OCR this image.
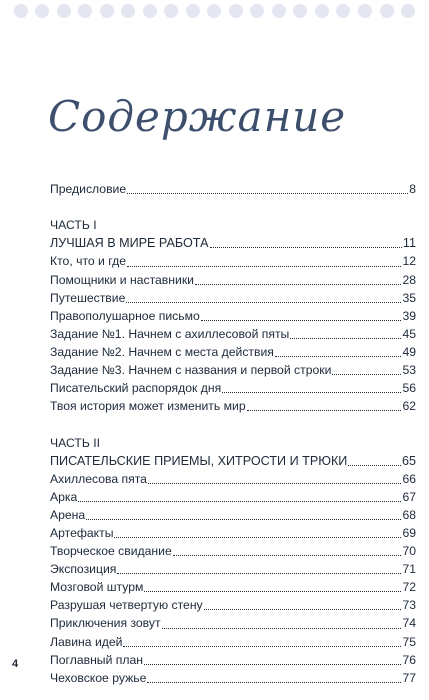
Содержание
Предисловие	8
ЧАСТЬ I
ЛУЧШАЯ В МИРЕ РАБОТА	11
Кто, что и где	12
Помощники и наставники	28
Путешествие	35
Правополушарное письмо	39
Задание №1. Начнем с ахиллесовой пяты	45
Задание №2. Начнем с места действия	49
Задание №3. Начнем с названия и первой строки	53
Писательский распорядок дня	56
Твоя история может изменить мир	62
ЧАСТЬ II
ПИСАТЕЛЬСКИЕ ПРИЕМЫ, ХИТРОСТИ И ТРЮКИ	65
Ахиллесова пята	66
Арка	67
Арена	68
Артефакты	69
Творческое свидание	70
Экспозиция	71
Мозговой штурм	72
Разрушая четвертую стену	73
Приключения зовут	74
Лавина идей	75
Поглавный план	76
Чеховское ружье	77
4
